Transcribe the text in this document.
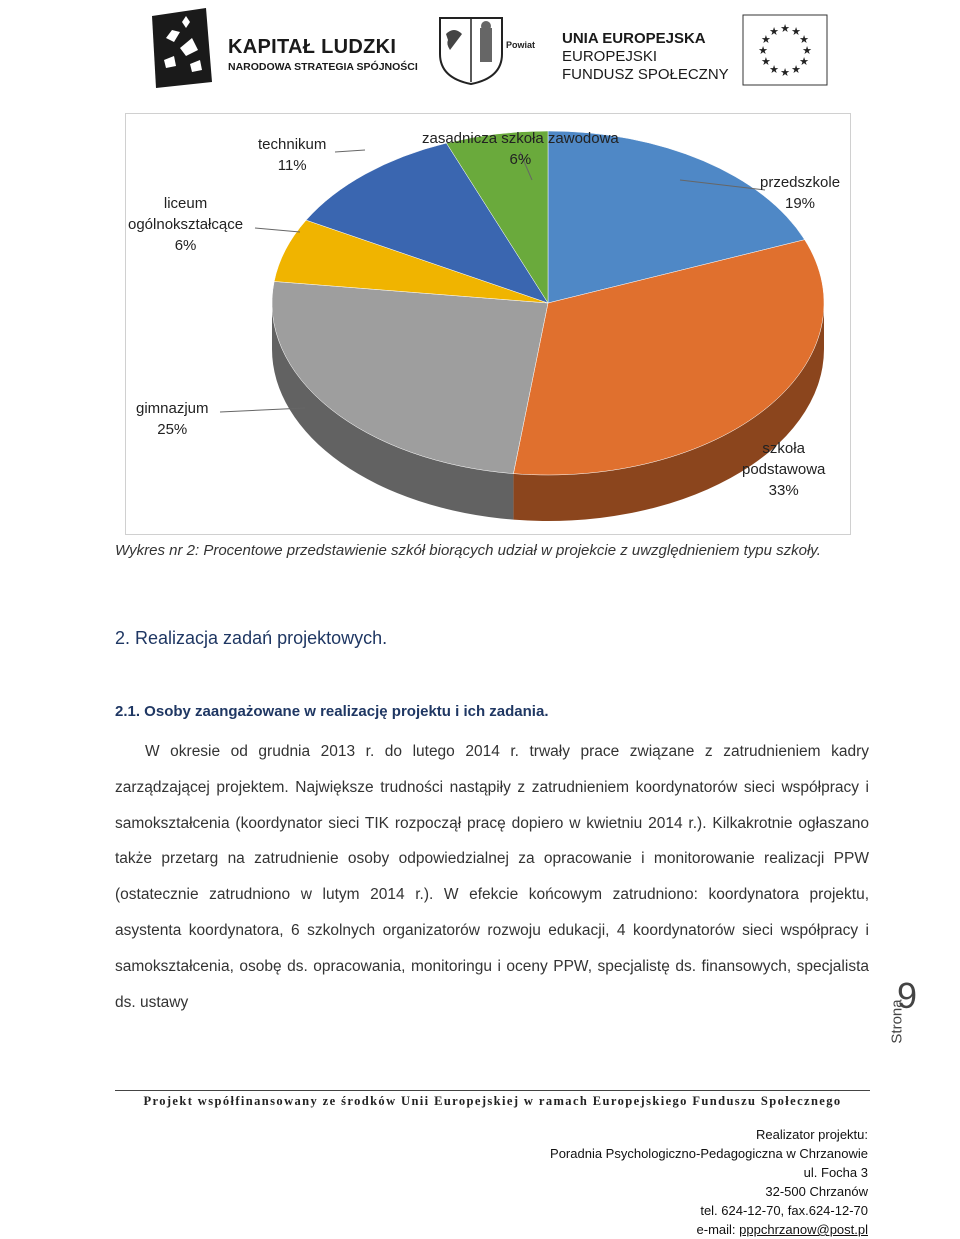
KAPITAŁ LUDZKI
NARODOWA STRATEGIA SPÓJNOŚCI
Powiat UNIA EUROPEJSKA
EUROPEJSKI
FUNDUSZ SPOŁECZNY
★
★
★
★
★
★
★
★
★ ★ ★
★
przedszkole
19%
szkoła
podstawowa
33%
gimnazjum
25%
liceum
ogólnokształcące
6%
technikum
11%
zasadnicza szkoła zawodowa
6%
Wykres nr 2: Procentowe przedstawienie szkół biorących udział w projekcie z uwzględnieniem typu szkoły.
2. Realizacja zadań projektowych.
2.1. Osoby zaangażowane w realizację projektu i ich zadania.
W okresie od grudnia 2013 r. do lutego 2014 r. trwały prace związane z zatrudnieniem kadry zarządzającej projektem. Największe trudności nastąpiły z zatrudnieniem koordynatorów sieci współpracy i samokształcenia (koordynator sieci TIK rozpoczął pracę dopiero w kwietniu 2014 r.). Kilkakrotnie ogłaszano także przetarg na zatrudnienie osoby odpowiedzialnej za opracowanie i monitorowanie realizacji PPW (ostatecznie zatrudniono w lutym 2014 r.). W efekcie końcowym zatrudniono: koordynatora projektu, asystenta koordynatora, 6 szkolnych organizatorów rozwoju edukacji, 4 koordynatorów sieci współpracy i samokształcenia, osobę ds. opracowania, monitoringu i oceny PPW, specjalistę ds. finansowych, specjalista ds. ustawy	9
Strona
Projekt współfinansowany ze środków Unii Europejskiej w ramach Europejskiego Funduszu Społecznego
Realizator projektu:
Poradnia Psychologiczno-Pedagogiczna w Chrzanowie
ul. Focha 3
32-500 Chrzanów
tel. 624-12-70, fax.624-12-70
e-mail: pppchrzanow@post.pl
